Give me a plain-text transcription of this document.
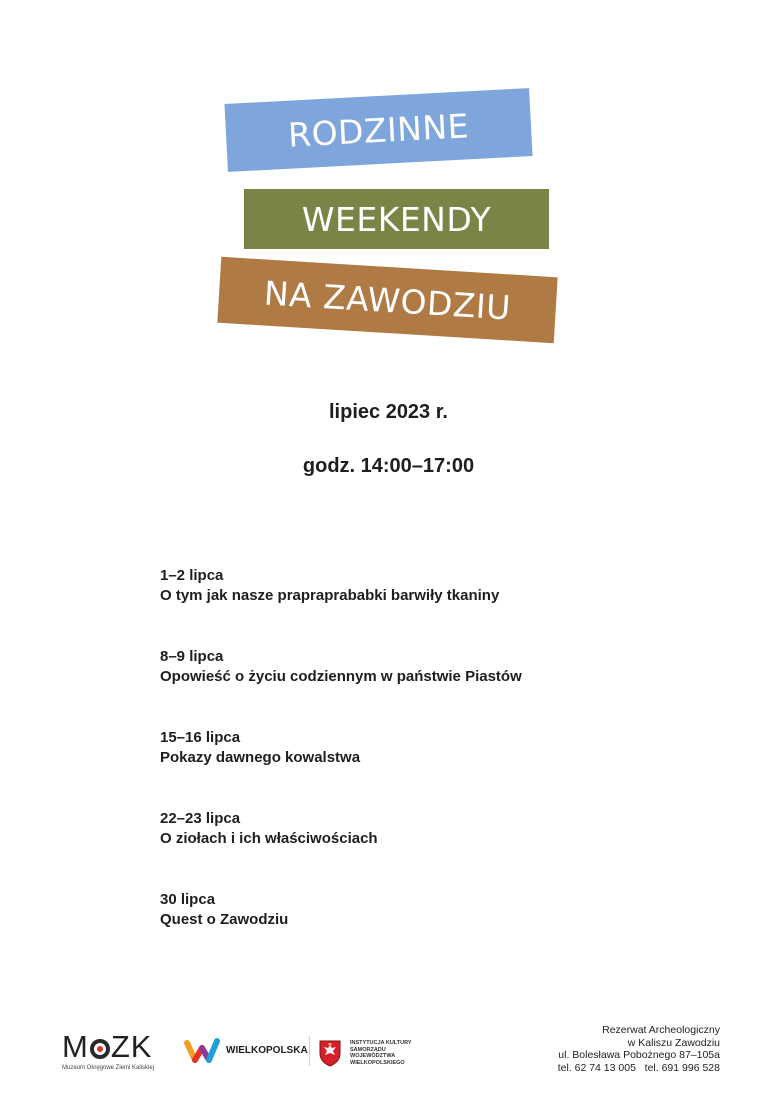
RODZINNE
WEEKENDY
NA ZAWODZIU
lipiec 2023 r.
godz. 14:00–17:00
1–2 lipca
O tym jak nasze prapraprababki barwiły tkaniny
8–9 lipca
Opowieść o życiu codziennym w państwie Piastów
15–16 lipca
Pokazy dawnego kowalstwa
22–23 lipca
O ziołach i ich właściwościach
30 lipca
Quest o Zawodziu
M ZK
Muzeum Okręgowe Ziemi Kaliskiej
WIELKOPOLSKA
INSTYTUCJA KULTURY
SAMORZĄDU
WOJEWÓDZTWA
WIELKOPOLSKIEGO
Rezerwat Archeologiczny
w Kaliszu Zawodziu
ul. Bolesława Pobożnego 87–105a
tel. 62 74 13 005   tel. 691 996 528
